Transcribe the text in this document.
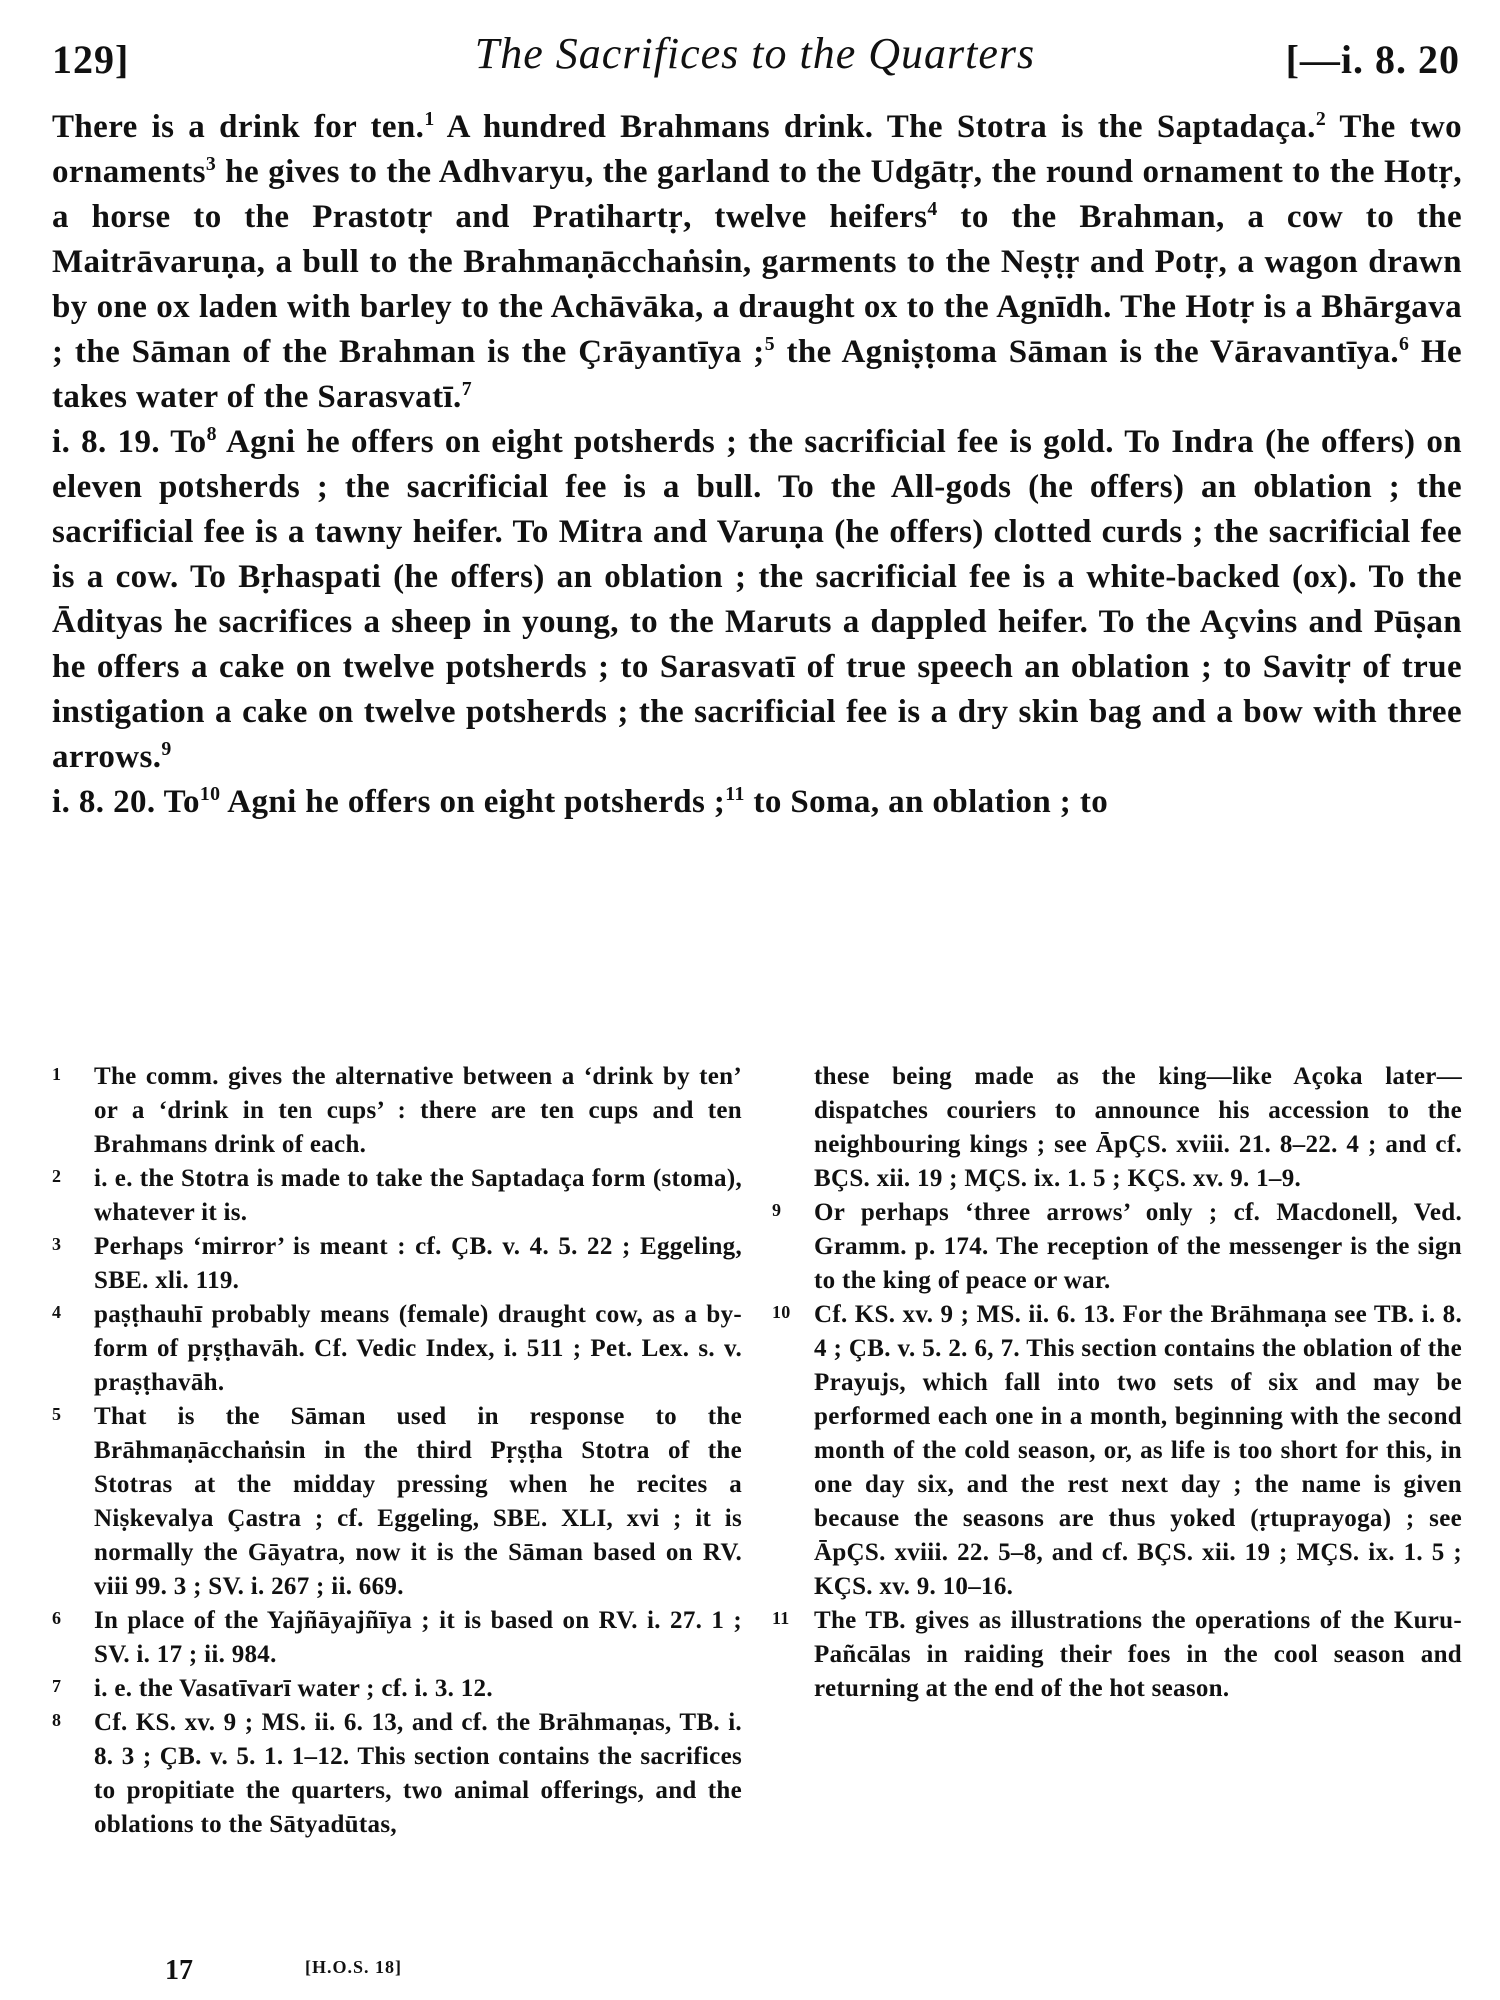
129]	The Sacrifices to the Quarters	[—i. 8. 20

There is a drink for ten.$^1$ A hundred Brahmans drink. The Stotra is the Saptadaça.$^2$ The two ornaments$^3$ he gives to the Adhvaryu, the garland to the Udgātṛ, the round ornament to the Hotṛ, a horse to the Prastotṛ and Pratihartṛ, twelve heifers$^4$ to the Brahman, a cow to the Maitrāvaruṇa, a bull to the Brahmaṇācchaṅsin, garments to the Neṣṭṛ and Potṛ, a wagon drawn by one ox laden with barley to the Achāvāka, a draught ox to the Agnīdh. The Hotṛ is a Bhārgava ; the Sāman of the Brahman is the Çrāyantīya ;$^5$ the Agniṣṭoma Sāman is the Vāravantīya.$^6$ He takes water of the Sarasvatī.$^7$

i. 8. 19. To$^8$ Agni he offers on eight potsherds ; the sacrificial fee is gold. To Indra (he offers) on eleven potsherds ; the sacrificial fee is a bull. To the All-gods (he offers) an oblation ; the sacrificial fee is a tawny heifer. To Mitra and Varuṇa (he offers) clotted curds ; the sacrificial fee is a cow. To Bṛhaspati (he offers) an oblation ; the sacrificial fee is a white-backed (ox). To the Ādityas he sacrifices a sheep in young, to the Maruts a dappled heifer. To the Açvins and Pūṣan he offers a cake on twelve potsherds ; to Sarasvatī of true speech an oblation ; to Savitṛ of true instigation a cake on twelve potsherds ; the sacrificial fee is a dry skin bag and a bow with three arrows.$^9$

i. 8. 20. To$^{10}$ Agni he offers on eight potsherds ;$^{11}$ to Soma, an oblation ; to

1	The comm. gives the alternative between a ‘drink by ten’ or a ‘drink in ten cups’ : there are ten cups and ten Brahmans drink of each.
2	i. e. the Stotra is made to take the Saptadaça form (stoma), whatever it is.
3	Perhaps ‘mirror’ is meant : cf. ÇB. v. 4. 5. 22 ; Eggeling, SBE. xli. 119.
4	paṣṭhauhī probably means (female) draught cow, as a by-form of pṛṣṭhavāh. Cf. Vedic Index, i. 511 ; Pet. Lex. s. v. praṣṭhavāh.
5	That is the Sāman used in response to the Brāhmaṇācchaṅsin in the third Pṛṣṭha Stotra of the Stotras at the midday pressing when he recites a Niṣkevalya Çastra ; cf. Eggeling, SBE. XLI, xvi ; it is normally the Gāyatra, now it is the Sāman based on RV. viii 99. 3 ; SV. i. 267 ; ii. 669.
6	In place of the Yajñāyajñīya ; it is based on RV. i. 27. 1 ; SV. i. 17 ; ii. 984.
7	i. e. the Vasatīvarī water ; cf. i. 3. 12.
8	Cf. KS. xv. 9 ; MS. ii. 6. 13, and cf. the Brāhmaṇas, TB. i. 8. 3 ; ÇB. v. 5. 1. 1–12. This section contains the sacrifices to propitiate the quarters, two animal offerings, and the oblations to the Sātyadūtas,
these being made as the king—like Açoka later—dispatches couriers to announce his accession to the neighbouring kings ; see ĀpÇS. xviii. 21. 8–22. 4 ; and cf. BÇS. xii. 19 ; MÇS. ix. 1. 5 ; KÇS. xv. 9. 1–9.
9	Or perhaps ‘three arrows’ only ; cf. Macdonell, Ved. Gramm. p. 174. The reception of the messenger is the sign to the king of peace or war.
10 Cf. KS. xv. 9 ; MS. ii. 6. 13. For the Brāhmaṇa see TB. i. 8. 4 ; ÇB. v. 5. 2. 6, 7. This section contains the oblation of the Prayujs, which fall into two sets of six and may be performed each one in a month, beginning with the second month of the cold season, or, as life is too short for this, in one day six, and the rest next day ; the name is given because the seasons are thus yoked (ṛtuprayoga) ; see ĀpÇS. xviii. 22. 5–8, and cf. BÇS. xii. 19 ; MÇS. ix. 1. 5 ; KÇS. xv. 9. 10–16.
11 The TB. gives as illustrations the operations of the Kuru-Pañcālas in raiding their foes in the cool season and returning at the end of the hot season.
17	[H.O.S. 18]
